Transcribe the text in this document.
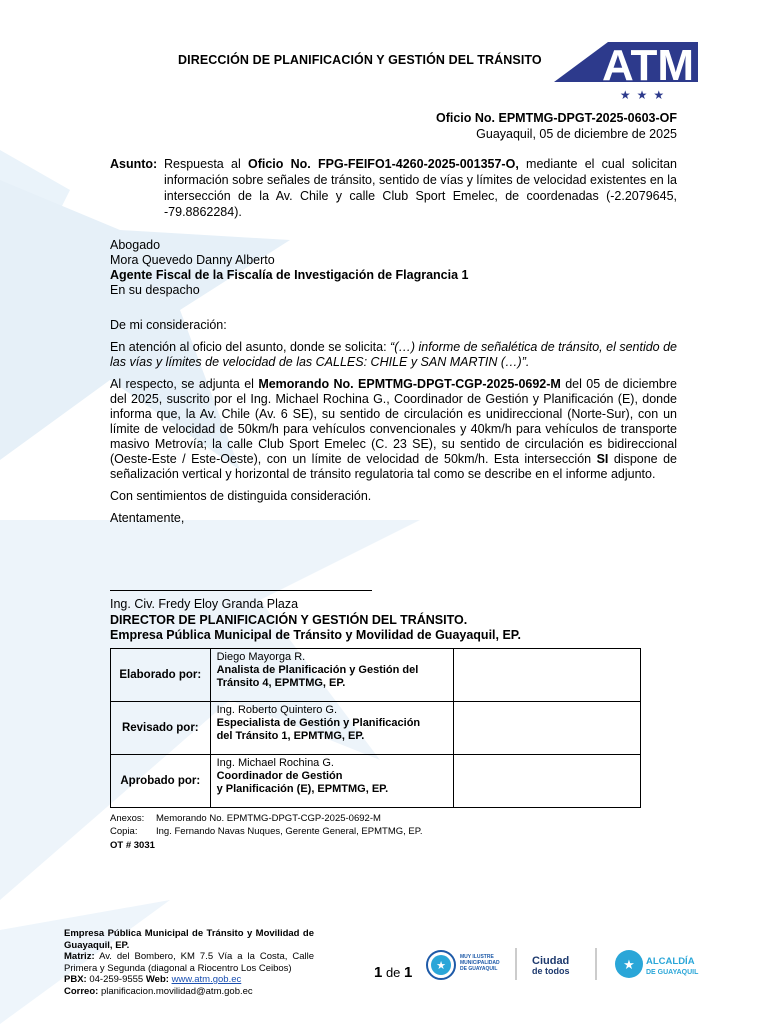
DIRECCIÓN DE PLANIFICACIÓN Y GESTIÓN DEL TRÁNSITO	ATM
★★★
Oficio No. EPMTMG-DPGT-2025-0603-OF
Guayaquil, 05 de diciembre de 2025
Asunto: Respuesta al Oficio No. FPG-FEIFO1-4260-2025-001357-O, mediante el cual solicitan información sobre señales de tránsito, sentido de vías y límites de velocidad existentes en la intersección de la Av. Chile y calle Club Sport Emelec, de coordenadas (-2.2079645, -79.8862284).
Abogado
Mora Quevedo Danny Alberto
Agente Fiscal de la Fiscalía de Investigación de Flagrancia 1
En su despacho

De mi consideración:

En atención al oficio del asunto, donde se solicita: “(…) informe de señalética de tránsito, el sentido de las vías y límites de velocidad de las CALLES: CHILE y SAN MARTIN (…)”.

Al respecto, se adjunta el Memorando No. EPMTMG-DPGT-CGP-2025-0692-M del 05 de diciembre del 2025, suscrito por el Ing. Michael Rochina G., Coordinador de Gestión y Planificación (E), donde informa que, la Av. Chile (Av. 6 SE), su sentido de circulación es unidireccional (Norte-Sur), con un límite de velocidad de 50km/h para vehículos convencionales y 40km/h para vehículos de transporte masivo Metrovía; la calle Club Sport Emelec (C. 23 SE), su sentido de circulación es bidireccional (Oeste-Este / Este-Oeste), con un límite de velocidad de 50km/h. Esta intersección SI dispone de señalización vertical y horizontal de tránsito regulatoria tal como se describe en el informe adjunto.

Con sentimientos de distinguida consideración.

Atentamente,

Ing. Civ. Fredy Eloy Granda Plaza
DIRECTOR DE PLANIFICACIÓN Y GESTIÓN DEL TRÁNSITO.
Empresa Pública Municipal de Tránsito y Movilidad de Guayaquil, EP.
Elaborado por:	Diego Mayorga R.
Analista de Planificación y Gestión del
Tránsito 4, EPMTMG, EP.	

Revisado por:	Ing. Roberto Quintero G.
Especialista de Gestión y Planificación
del Tránsito 1, EPMTMG, EP.	

Aprobado por:	Ing. Michael Rochina G.
Coordinador de Gestión
y Planificación (E), EPMTMG, EP.	

Anexos: Memorando No. EPMTMG-DPGT-CGP-2025-0692-M
Copia: Ing. Fernando Navas Nuques, Gerente General, EPMTMG, EP.
OT # 3031
Empresa Pública Municipal de Tránsito y Movilidad de Guayaquil, EP.
Matriz: Av. del Bombero, KM 7.5 Vía a la Costa, Calle Primera y Segunda (diagonal a Riocentro Los Ceibos)
PBX: 04-259-9555 Web: www.atm.gob.ec
Correo: planificacion.movilidad@atm.gob.ec
1 de 1 ★
MUY ILUSTRE
MUNICIPALIDAD
DE GUAYAQUIL
Ciudad
de todos	★ ALCALDÍA
DE GUAYAQUIL
